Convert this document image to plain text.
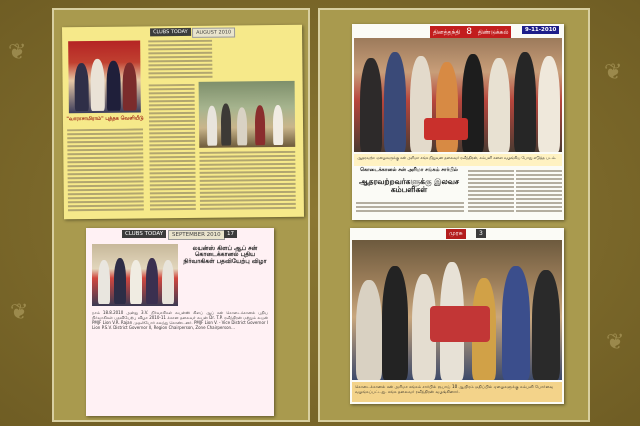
❦
❦
❦
❦
CLUBS TODAY	AUGUST 2010
"வாராசாமிராம்" புத்தக வெளியீடு
CLUBS TODAY	SEPTEMBER 2010	17
லயன்ஸ் கிளப் ஆப் சன் கொடைக்கானல் புதிய நிர்வாகிகள் பதவியேற்பு விழா
நாம் 18.8.2010 அன்று 3.V. நிர்வாகிகள் லயன்ஸ் கிளப் ஆப் சன் கொடைக்கானல் புதிய நிர்வாகிகள் பதவியேற்பு விழா 2010-11 க்கான தலைவர் லயன் Dr. T.P. ரவீந்திரன் மற்றும் லயன் PMJF Lion V.R. Rajan முதலியோர் கலந்து கொண்டனர். PMJF Lion V. - Vice District Governor I Lion P.S.V. District Governor II, Region Chairperson, Zone Chairperson...
தினத்தந்தி 8 திண்டுக்கல்	9-11-2010
ஆதரவற்ற ஏழைகளுக்கு சன் அரிமா சங்க நிறுவன தலைவர் ரவீந்திரன், கம்பளி களை வழங்கிய போது எடுத்த படம்.
கொடைக்கானல் சன் அரிமா சங்கம் சார்பில்
ஆதரவற்றவர்களுக்கு இலவச கம்பளிகள்
முரசு	3
கொடைக்கானல் சன் அரிமா சங்கம் சார்பில் ரூபாய் 10 ஆயிரம் மதிப்பில் ஏழைகளுக்கு கம்பளி போர்வை வழங்கப்பட்டது. சங்க தலைவர் ரவீந்திரன் வழங்கினார்.
